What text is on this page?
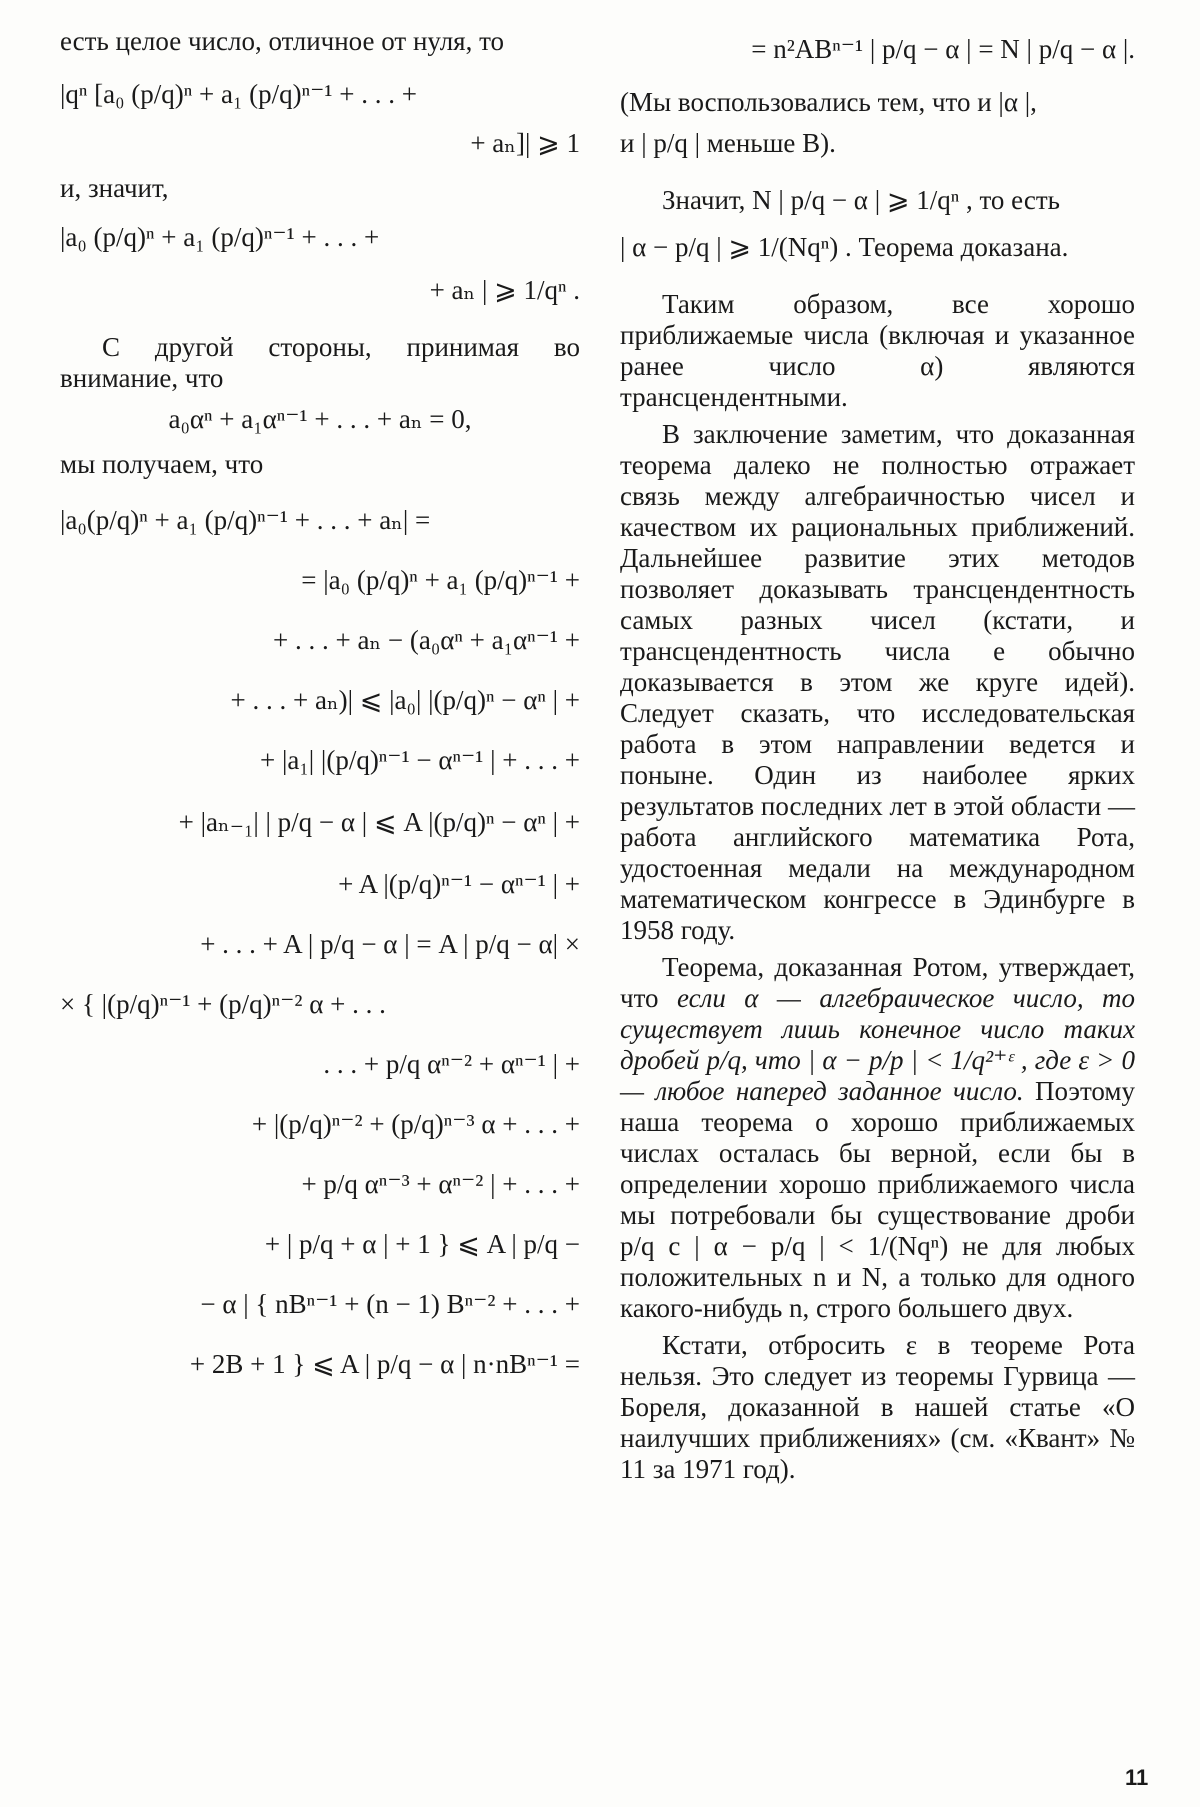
есть целое число, отличное от нуля, то

|qⁿ [a₀ (p/q)ⁿ + a₁ (p/q)ⁿ⁻¹ + . . . +

+ aₙ]| ⩾ 1

и, значит,

|a₀ (p/q)ⁿ + a₁ (p/q)ⁿ⁻¹ + . . . +

+ aₙ | ⩾ 1/qⁿ .

С другой стороны, принимая во внимание, что

a₀αⁿ + a₁αⁿ⁻¹ + . . . + aₙ = 0,

мы получаем, что

|a₀(p/q)ⁿ + a₁ (p/q)ⁿ⁻¹ + . . . + aₙ| =

= |a₀ (p/q)ⁿ + a₁ (p/q)ⁿ⁻¹ +

+ . . . + aₙ − (a₀αⁿ + a₁αⁿ⁻¹ +

+ . . . + aₙ)| ⩽ |a₀| |(p/q)ⁿ − αⁿ | +

+ |a₁| |(p/q)ⁿ⁻¹ − αⁿ⁻¹ | + . . . +

+ |aₙ₋₁| | p/q − α | ⩽ A |(p/q)ⁿ − αⁿ | +

+ A |(p/q)ⁿ⁻¹ − αⁿ⁻¹ | +

+ . . . + A | p/q − α | = A | p/q − α| ×

× { |(p/q)ⁿ⁻¹ + (p/q)ⁿ⁻² α + . . .

. . . + p/q αⁿ⁻² + αⁿ⁻¹ | +

+ |(p/q)ⁿ⁻² + (p/q)ⁿ⁻³ α + . . . +

+ p/q αⁿ⁻³ + αⁿ⁻² | + . . . +

+ | p/q + α | + 1 } ⩽ A | p/q −

− α | { nBⁿ⁻¹ + (n − 1) Bⁿ⁻² + . . . +

+ 2B + 1 } ⩽ A | p/q − α | n·nBⁿ⁻¹ =

= n²ABⁿ⁻¹ | p/q − α | = N | p/q − α |.

(Мы воспользовались тем, что и |α |,

и | p/q | меньше B).

Значит, N | p/q − α | ⩾ 1/qⁿ , то есть

| α − p/q | ⩾ 1/(Nqⁿ) . Теорема доказана.

Таким образом, все хорошо приближаемые числа (включая и указанное ранее число α) являются трансцендентными.

В заключение заметим, что доказанная теорема далеко не полностью отражает связь между алгебраичностью чисел и качеством их рациональных приближений. Дальнейшее развитие этих методов позволяет доказывать трансцендентность самых разных чисел (кстати, и трансцендентность числа e обычно доказывается в этом же круге идей). Следует сказать, что исследовательская работа в этом направлении ведется и поныне. Один из наиболее ярких результатов последних лет в этой области — работа английского математика Рота, удостоенная медали на международном математическом конгрессе в Эдинбурге в 1958 году.

Теорема, доказанная Ротом, утверждает, что если α — алгебраическое число, то существует лишь конечное число таких дробей p/q, что | α − p/p | < 1/q²⁺ᵋ , где ε > 0 — любое наперед заданное число. Поэтому наша теорема о хорошо приближаемых числах осталась бы верной, если бы в определении хорошо приближаемого числа мы потребовали бы существование дроби p/q с | α − p/q | < 1/(Nqⁿ) не для любых положительных n и N, а только для одного какого-нибудь n, строго большего двух.

Кстати, отбросить ε в теореме Рота нельзя. Это следует из теоремы Гурвица — Бореля, доказанной в нашей статье «О наилучших приближениях» (см. «Квант» № 11 за 1971 год).

11
